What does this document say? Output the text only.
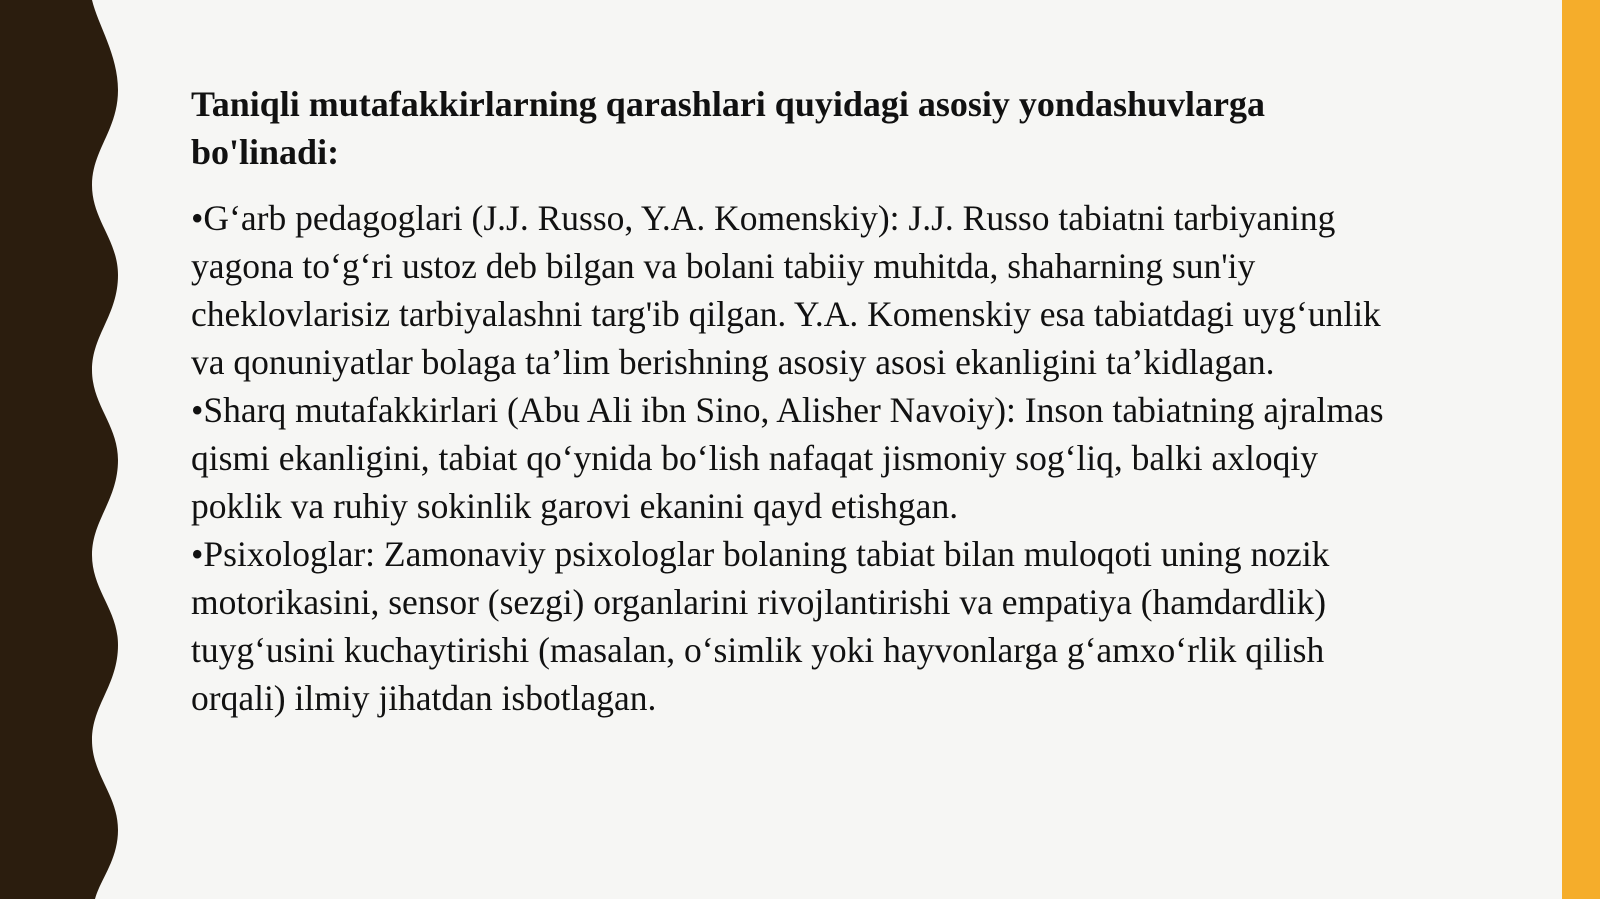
Taniqli mutafakkirlarning qarashlari quyidagi asosiy yondashuvlarga bo'linadi:

•G‘arb pedagoglari (J.J. Russo, Y.A. Komenskiy): J.J. Russo tabiatni tarbiyaning yagona to‘g‘ri ustoz deb bilgan va bolani tabiiy muhitda, shaharning sun'iy cheklovlarisiz tarbiyalashni targ'ib qilgan. Y.A. Komenskiy esa tabiatdagi uyg‘unlik va qonuniyatlar bolaga ta’lim berishning asosiy asosi ekanligini ta’kidlagan.

•Sharq mutafakkirlari (Abu Ali ibn Sino, Alisher Navoiy): Inson tabiatning ajralmas qismi ekanligini, tabiat qo‘ynida bo‘lish nafaqat jismoniy sog‘liq, balki axloqiy poklik va ruhiy sokinlik garovi ekanini qayd etishgan.

•Psixologlar: Zamonaviy psixologlar bolaning tabiat bilan muloqoti uning nozik motorikasini, sensor (sezgi) organlarini rivojlantirishi va empatiya (hamdardlik) tuyg‘usini kuchaytirishi (masalan, o‘simlik yoki hayvonlarga g‘amxo‘rlik qilish orqali) ilmiy jihatdan isbotlagan.
